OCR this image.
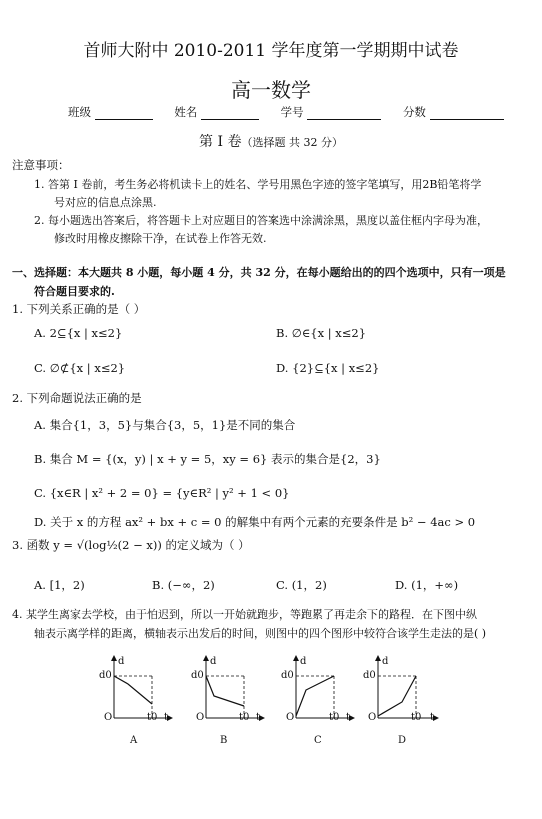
首师大附中 2010-2011 学年度第一学期期中试卷
高一数学
班级	姓名	学号	分数
第 I 卷（选择题 共 32 分）
注意事项：
1. 答第 I 卷前，考生务必将机读卡上的姓名、学号用黑色字迹的签字笔填写，用2B铅笔将学
号对应的信息点涂黑.
2. 每小题选出答案后，将答题卡上对应题目的答案选中涂满涂黑，黑度以盖住框内字母为准，
修改时用橡皮擦除干净，在试卷上作答无效.
一、选择题：本大题共 8 小题，每小题 4 分，共 32 分，在每小题给出的的四个选项中，只有一项是
符合题目要求的.
1. 下列关系正确的是（ ）
A. 2⊆{x | x≤2}	B. ∅∈{x | x≤2}
C. ∅⊄{x | x≤2}	D. {2}⊆{x | x≤2}
2. 下列命题说法正确的是
A. 集合{1，3，5}与集合{3，5，1}是不同的集合
B. 集合 M = {(x，y) | x + y = 5，xy = 6} 表示的集合是{2，3}
C. {x∈R | x² + 2 = 0} = {y∈R² | y² + 1 < 0}
D. 关于 x 的方程 ax² + bx + c = 0 的解集中有两个元素的充要条件是 b² − 4ac > 0
3. 函数 y = √(log½(2 − x)) 的定义域为（ ）
A. [1，2)	B. (−∞，2)	C. (1，2)	D. (1，+∞)
4. 某学生离家去学校，由于怕迟到，所以一开始就跑步，等跑累了再走余下的路程．在下图中纵
轴表示离学样的距离，横轴表示出发后的时间，则图中的四个图形中较符合该学生走法的是( )
d
d0
O	t0 t
d
d0
O	t0 t
d
d0
O	t0 t
d
d0
O	t0 t
A	B	C	D
